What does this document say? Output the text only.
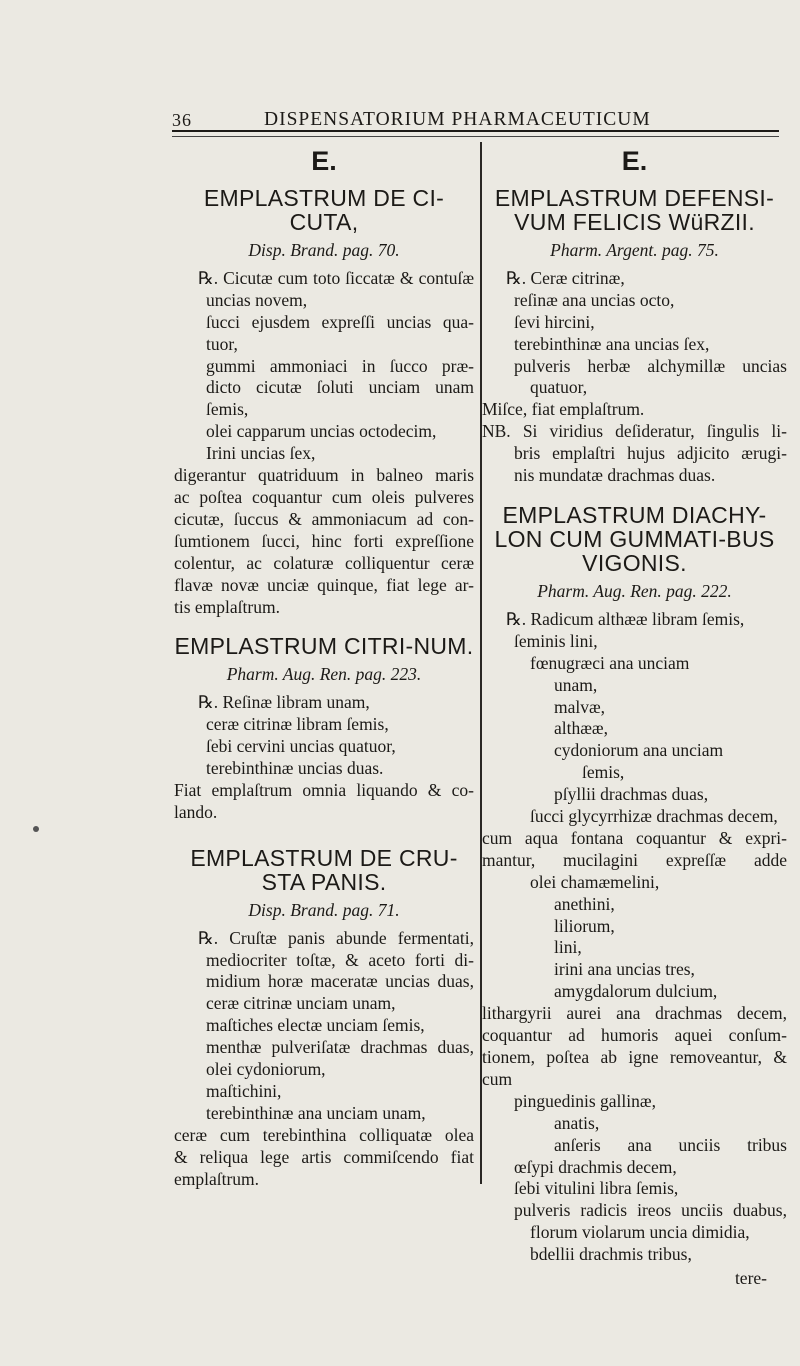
36	DISPENSATORIUM PHARMACEUTICUM

E.

EMPLASTRUM DE CI-CUTA,

Disp. Brand. pag. 70.

℞. Cicutæ cum toto ſiccatæ & contuſæ

uncias novem,

ſucci ejusdem expreſſi uncias qua-

tuor,

gummi ammoniaci in ſucco præ-

dicto cicutæ ſoluti unciam unam

ſemis,

olei capparum uncias octodecim,

Irini uncias ſex,

digerantur quatriduum in balneo maris

ac poſtea coquantur cum oleis pulveres

cicutæ, ſuccus & ammoniacum ad con-

ſumtionem ſucci, hinc forti expreſſione

colentur, ac colaturæ colliquentur ceræ

flavæ novæ unciæ quinque, fiat lege ar-

tis emplaſtrum.

EMPLASTRUM CITRI-NUM.

Pharm. Aug. Ren. pag. 223.

℞. Reſinæ libram unam,

ceræ citrinæ libram ſemis,

ſebi cervini uncias quatuor,

terebinthinæ uncias duas.

Fiat emplaſtrum omnia liquando & co-

lando.

EMPLASTRUM DE CRU-STA PANIS.

Disp. Brand. pag. 71.

℞. Cruſtæ panis abunde fermentati,

mediocriter toſtæ, & aceto forti di-

midium horæ maceratæ uncias duas,

ceræ citrinæ unciam unam,

maſtiches electæ unciam ſemis,

menthæ pulveriſatæ drachmas duas,

olei cydoniorum,

maſtichini,

terebinthinæ ana unciam unam,

ceræ cum terebinthina colliquatæ olea

& reliqua lege artis commiſcendo fiat

emplaſtrum.

E.

EMPLASTRUM DEFENSI-VUM FELICIS WüRZII.

Pharm. Argent. pag. 75.

℞. Ceræ citrinæ,

reſinæ ana uncias octo,

ſevi hircini,

terebinthinæ ana uncias ſex,

pulveris herbæ alchymillæ uncias

quatuor,

Miſce, fiat emplaſtrum.

NB. Si viridius deſideratur, ſingulis li-

bris emplaſtri hujus adjicito ærugi-

nis mundatæ drachmas duas.

EMPLASTRUM DIACHY-LON CUM GUMMATI-BUS VIGONIS.

Pharm. Aug. Ren. pag. 222.

℞. Radicum althææ libram ſemis,

ſeminis lini,

fœnugræci ana unciam

unam,

malvæ,

althææ,

cydoniorum ana unciam

ſemis,

pſyllii drachmas duas,

ſucci glycyrrhizæ drachmas decem,

cum aqua fontana coquantur & expri-

mantur, mucilagini expreſſæ adde

olei chamæmelini,

anethini,

liliorum,

lini,

irini ana uncias tres,

amygdalorum dulcium,

lithargyrii aurei ana drachmas decem,

coquantur ad humoris aquei conſum-

tionem, poſtea ab igne removeantur, &

cum

pinguedinis gallinæ,

anatis,

anſeris ana unciis tribus

œſypi drachmis decem,

ſebi vitulini libra ſemis,

pulveris radicis ireos unciis duabus,

florum violarum uncia dimidia,

bdellii drachmis tribus,

tere-
